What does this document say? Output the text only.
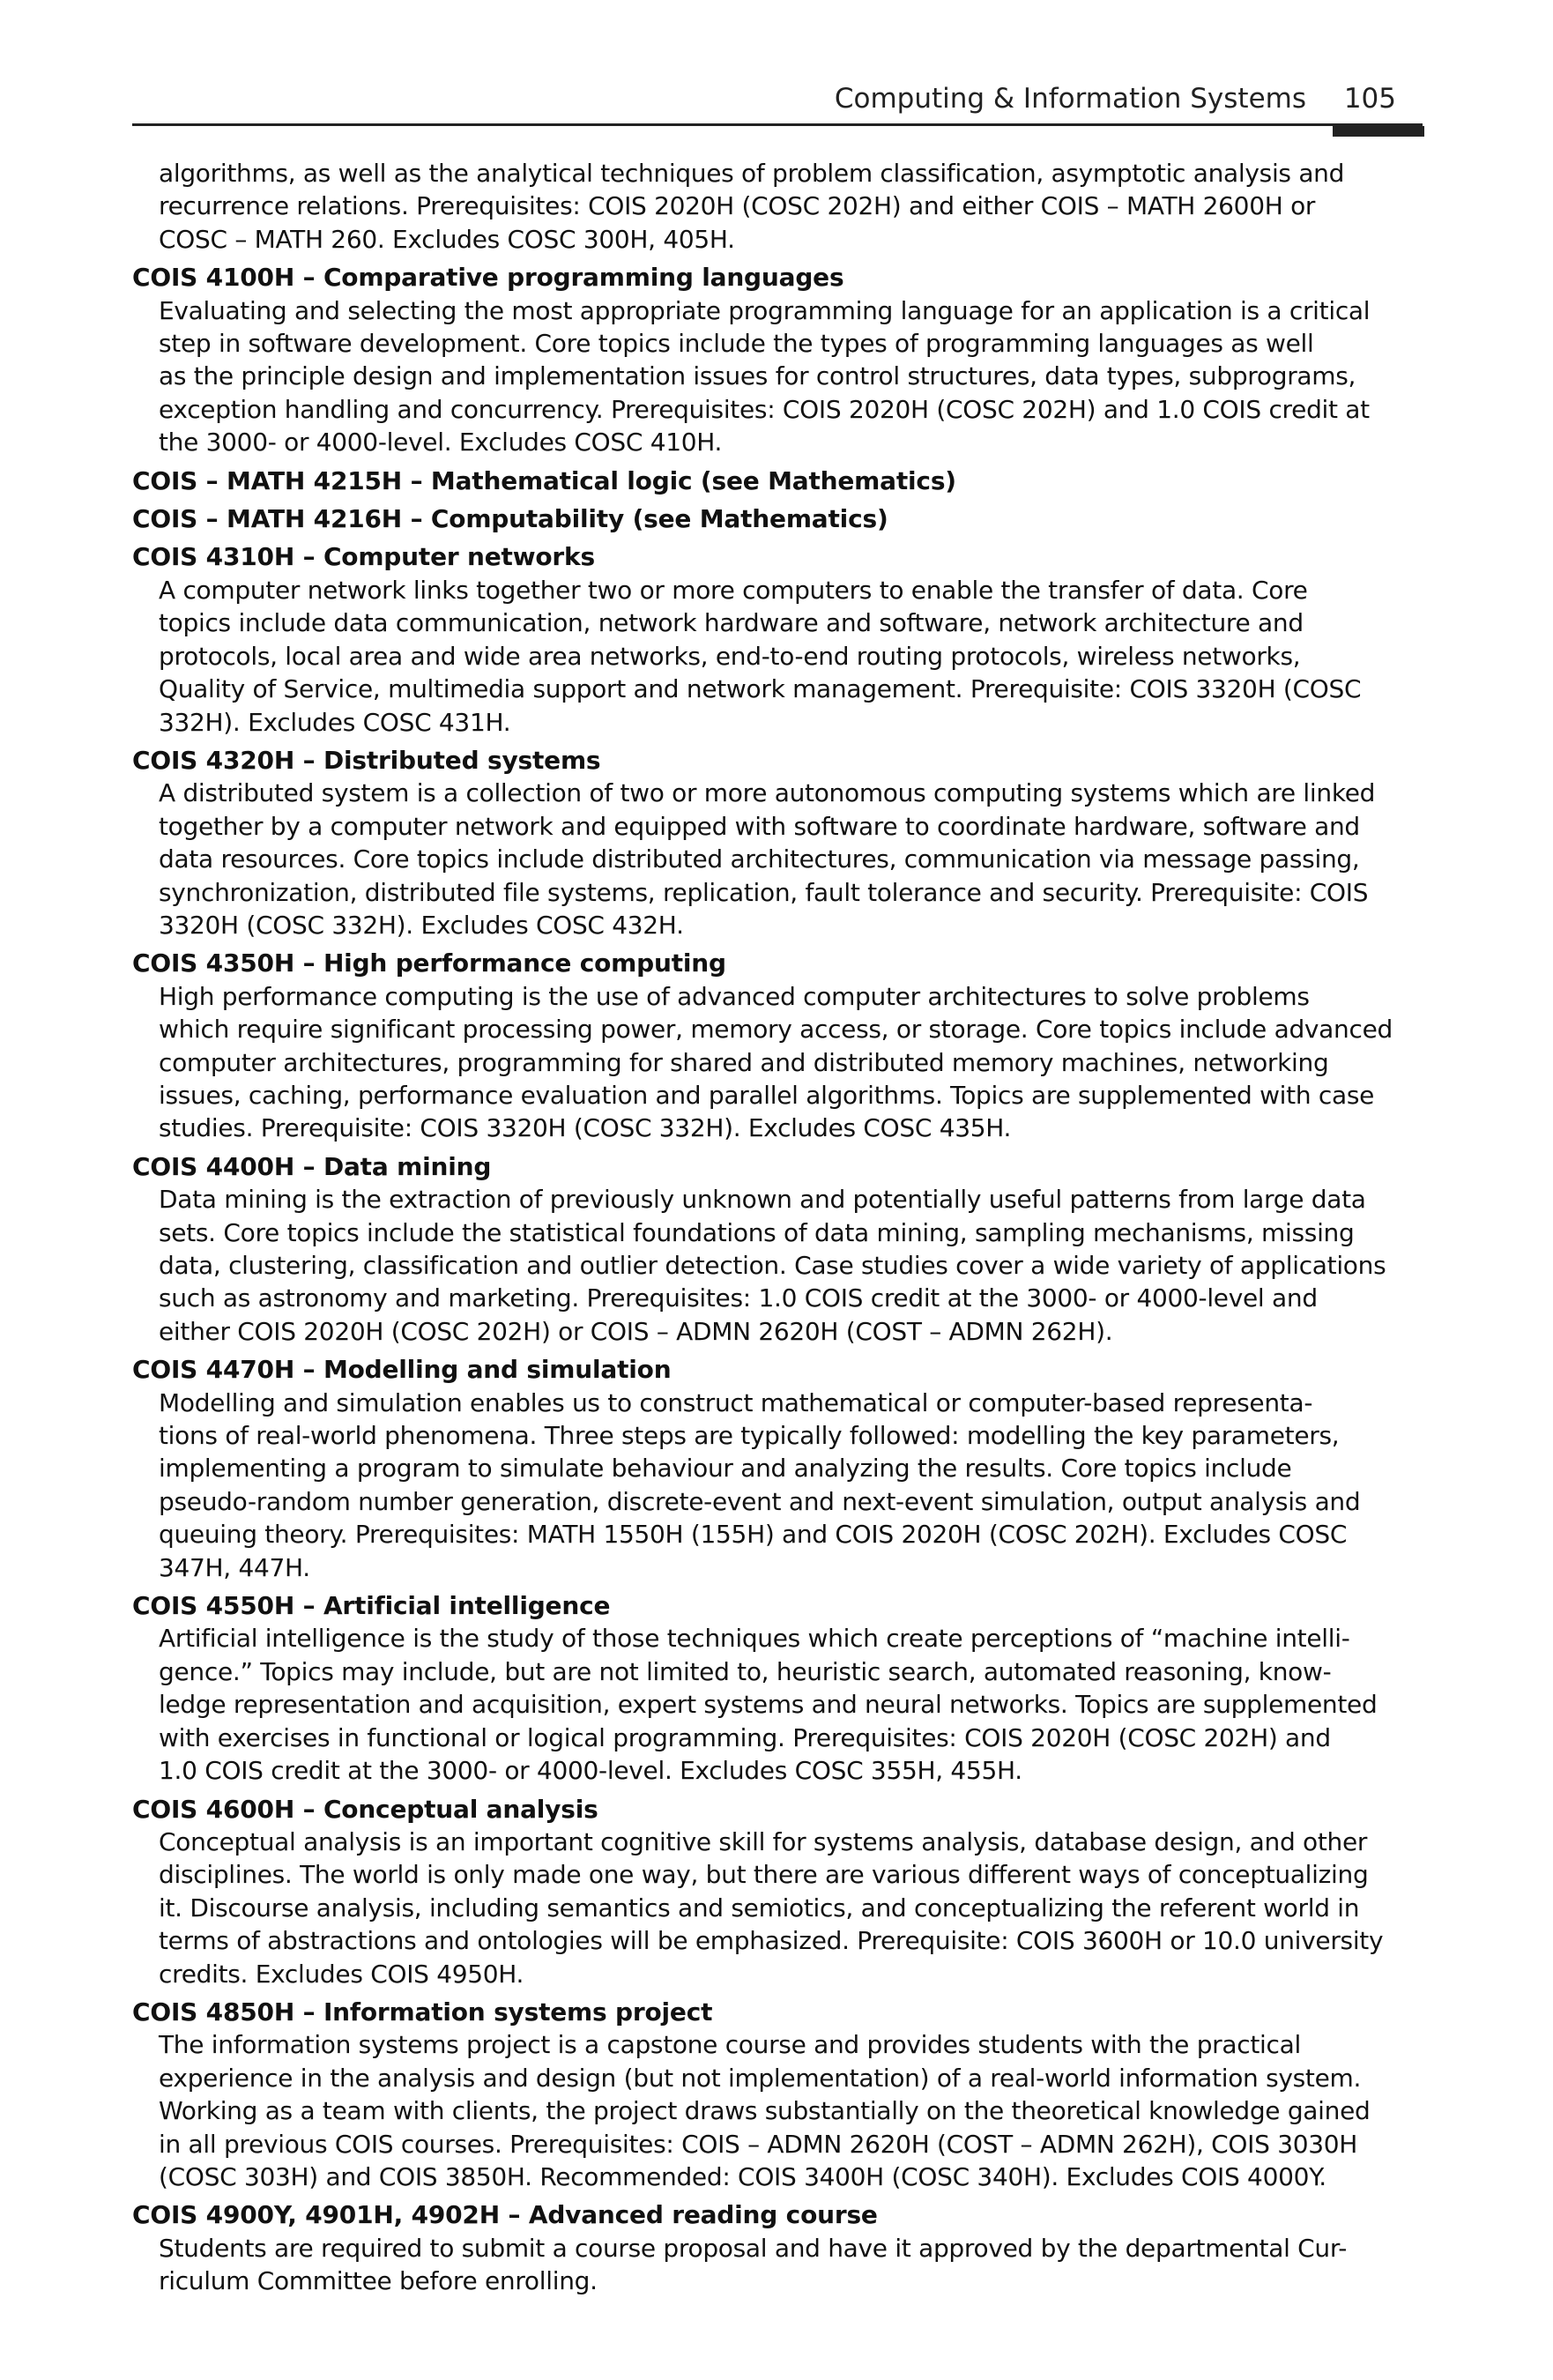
Computing & Information Systems 105
algorithms, as well as the analytical techniques of problem classification, asymptotic analysis and
recurrence relations. Prerequisites: COIS 2020H (COSC 202H) and either COIS – MATH 2600H or
COSC – MATH 260. Excludes COSC 300H, 405H.
COIS 4100H – Comparative programming languages
Evaluating and selecting the most appropriate programming language for an application is a critical
step in software development. Core topics include the types of programming languages as well
as the principle design and implementation issues for control structures, data types, subprograms,
exception handling and concurrency. Prerequisites: COIS 2020H (COSC 202H) and 1.0 COIS credit at
the 3000- or 4000-level. Excludes COSC 410H.
COIS – MATH 4215H – Mathematical logic (see Mathematics)
COIS – MATH 4216H – Computability (see Mathematics)
COIS 4310H – Computer networks
A computer network links together two or more computers to enable the transfer of data. Core
topics include data communication, network hardware and software, network architecture and
protocols, local area and wide area networks, end-to-end routing protocols, wireless networks,
Quality of Service, multimedia support and network management. Prerequisite: COIS 3320H (COSC
332H). Excludes COSC 431H.
COIS 4320H – Distributed systems
A distributed system is a collection of two or more autonomous computing systems which are linked
together by a computer network and equipped with software to coordinate hardware, software and
data resources. Core topics include distributed architectures, communication via message passing,
synchronization, distributed file systems, replication, fault tolerance and security. Prerequisite: COIS
3320H (COSC 332H). Excludes COSC 432H.
COIS 4350H – High performance computing
High performance computing is the use of advanced computer architectures to solve problems
which require significant processing power, memory access, or storage. Core topics include advanced
computer architectures, programming for shared and distributed memory machines, networking
issues, caching, performance evaluation and parallel algorithms. Topics are supplemented with case
studies. Prerequisite: COIS 3320H (COSC 332H). Excludes COSC 435H.
COIS 4400H – Data mining
Data mining is the extraction of previously unknown and potentially useful patterns from large data
sets. Core topics include the statistical foundations of data mining, sampling mechanisms, missing
data, clustering, classification and outlier detection. Case studies cover a wide variety of applications
such as astronomy and marketing. Prerequisites: 1.0 COIS credit at the 3000- or 4000-level and
either COIS 2020H (COSC 202H) or COIS – ADMN 2620H (COST – ADMN 262H).
COIS 4470H – Modelling and simulation
Modelling and simulation enables us to construct mathematical or computer-based representa-
tions of real-world phenomena. Three steps are typically followed: modelling the key parameters,
implementing a program to simulate behaviour and analyzing the results. Core topics include
pseudo-random number generation, discrete-event and next-event simulation, output analysis and
queuing theory. Prerequisites: MATH 1550H (155H) and COIS 2020H (COSC 202H). Excludes COSC
347H, 447H.
COIS 4550H – Artificial intelligence
Artificial intelligence is the study of those techniques which create perceptions of “machine intelli-
gence.” Topics may include, but are not limited to, heuristic search, automated reasoning, know-
ledge representation and acquisition, expert systems and neural networks. Topics are supplemented
with exercises in functional or logical programming. Prerequisites: COIS 2020H (COSC 202H) and
1.0 COIS credit at the 3000- or 4000-level. Excludes COSC 355H, 455H.
COIS 4600H – Conceptual analysis
Conceptual analysis is an important cognitive skill for systems analysis, database design, and other
disciplines. The world is only made one way, but there are various different ways of conceptualizing
it. Discourse analysis, including semantics and semiotics, and conceptualizing the referent world in
terms of abstractions and ontologies will be emphasized. Prerequisite: COIS 3600H or 10.0 university
credits. Excludes COIS 4950H.
COIS 4850H – Information systems project
The information systems project is a capstone course and provides students with the practical
experience in the analysis and design (but not implementation) of a real-world information system.
Working as a team with clients, the project draws substantially on the theoretical knowledge gained
in all previous COIS courses. Prerequisites: COIS – ADMN 2620H (COST – ADMN 262H), COIS 3030H
(COSC 303H) and COIS 3850H. Recommended: COIS 3400H (COSC 340H). Excludes COIS 4000Y.
COIS 4900Y, 4901H, 4902H – Advanced reading course
Students are required to submit a course proposal and have it approved by the departmental Cur-
riculum Committee before enrolling.
